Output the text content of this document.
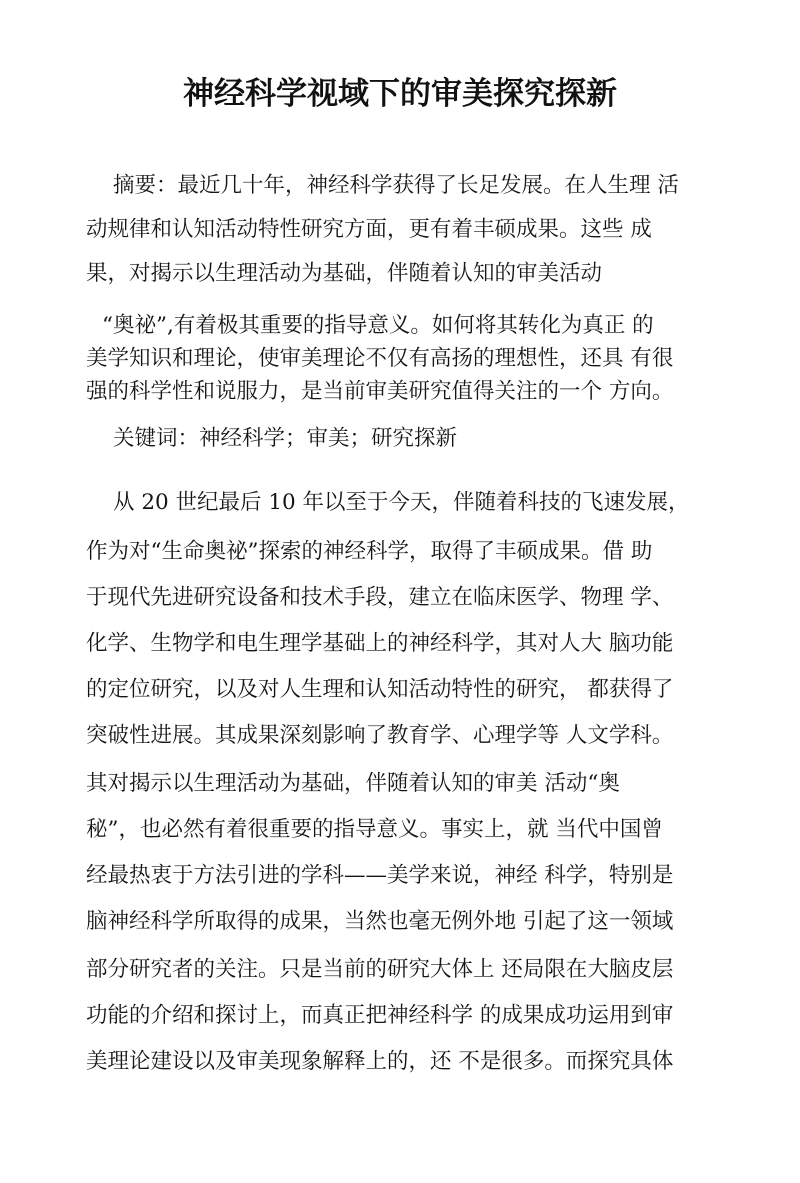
神经科学视域下的审美探究探新

摘要：最近几十年，神经科学获得了长足发展。在人生理 活

动规律和认知活动特性研究方面，更有着丰硕成果。这些 成

果，对揭示以生理活动为基础，伴随着认知的审美活动

“奥祕”,有着极其重要的指导意义。如何将其转化为真正 的

美学知识和理论，使审美理论不仅有高扬的理想性，还具 有很

强的科学性和说服力，是当前审美研究值得关注的一个 方向。

关键词：神经科学；审美；研究探新

从 20 世纪最后 10 年以至于今天，伴随着科技的飞速发展，

作为对“生命奥祕”探索的神经科学，取得了丰硕成果。借 助

于现代先进研究设备和技术手段，建立在临床医学、物理 学、

化学、生物学和电生理学基础上的神经科学，其对人大 脑功能

的定位研究，以及对人生理和认知活动特性的研究， 都获得了

突破性进展。其成果深刻影响了教育学、心理学等 人文学科。

其对揭示以生理活动为基础，伴随着认知的审美 活动“奥

秘”，也必然有着很重要的指导意义。事实上，就 当代中国曾

经最热衷于方法引进的学科——美学来说，神经 科学，特别是

脑神经科学所取得的成果，当然也毫无例外地 引起了这一领域

部分研究者的关注。只是当前的研究大体上 还局限在大脑皮层

功能的介绍和探讨上，而真正把神经科学 的成果成功运用到审

美理论建设以及审美现象解释上的，还 不是很多。而探究具体
